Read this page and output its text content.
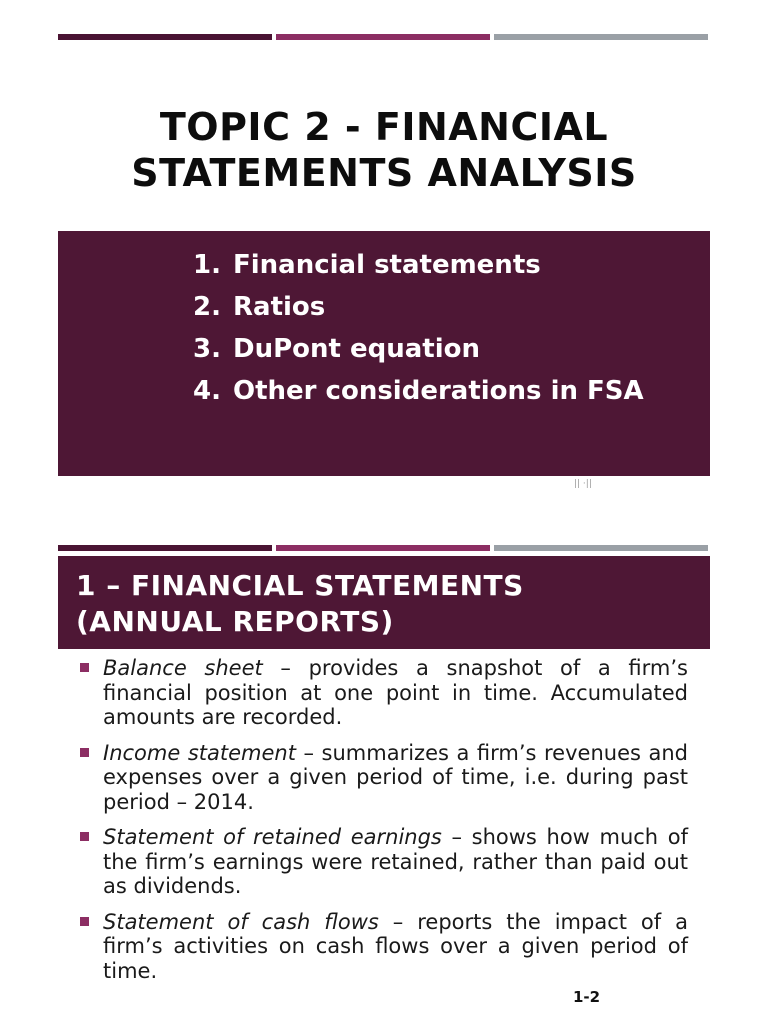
TOPIC 2 - FINANCIAL
STATEMENTS ANALYSIS
1. Financial statements
2. Ratios
3. DuPont equation
4. Other considerations in FSA
|| ·||
1 – FINANCIAL STATEMENTS
(ANNUAL REPORTS)
Balance sheet – provides a snapshot of a firm’s financial position at one point in time. Accumulated amounts are recorded.
Income statement – summarizes a firm’s revenues and expenses over a given period of time, i.e. during past period – 2014.
Statement of retained earnings – shows how much of the firm’s earnings were retained, rather than paid out as dividends.
Statement of cash flows – reports the impact of a firm’s activities on cash flows over a given period of time.
1-2
